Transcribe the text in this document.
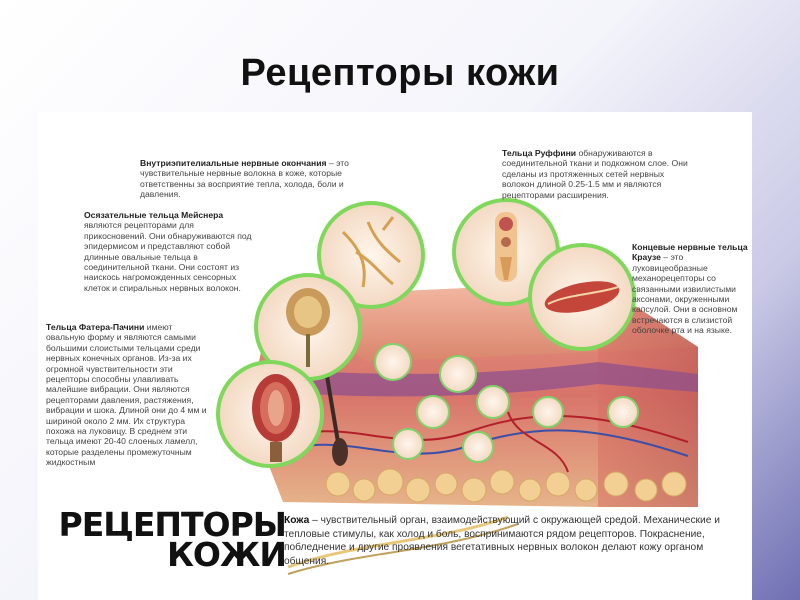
Рецепторы кожи
Внутриэпителиальные нервные окончания – это чувствительные нервные волокна в коже, которые ответственны за восприятие тепла, холода, боли и давления.
Осязательные тельца Мейснера являются рецепторами для прикосновений. Они обнаруживаются под эпидермисом и представляют собой длинные овальные тельца в соединительной ткани. Они состоят из наискось нагроможденных сенсорных клеток и спиральных нервных волокон.
Тельца Фатера-Пачини имеют овальную форму и являются самыми большими слоистыми тельцами среди нервных конечных органов. Из-за их огромной чувствительности эти рецепторы способны улавливать малейшие вибрации. Они являются рецепторами давления, растяжения, вибрации и шока. Длиной они до 4 мм и шириной около 2 мм. Их структура похожа на луковицу. В среднем эти тельца имеют 20-40 слоеных ламелл, которые разделены промежуточным жидкостным
Тельца Руффини обнаруживаются в соединительной ткани и подкожном слое. Они сделаны из протяженных сетей нервных волокон длиной 0.25-1.5 мм и являются рецепторами расширения.
Концевые нервные тельца Краузе – это луковицеобразные механорецепторы со связанными извилистыми аксонами, окруженными капсулой. Они в основном встречаются в слизистой оболочке рта и на языке.
РЕЦЕПТОРЫ
КОЖИ
Кожа – чувствительный орган, взаимодействующий с окружающей средой. Механические и тепловые стимулы, как холод и боль, воспринимаются рядом рецепторов. Покраснение, побледнение и другие проявления вегетативных нервных волокон делают кожу органом общения.
